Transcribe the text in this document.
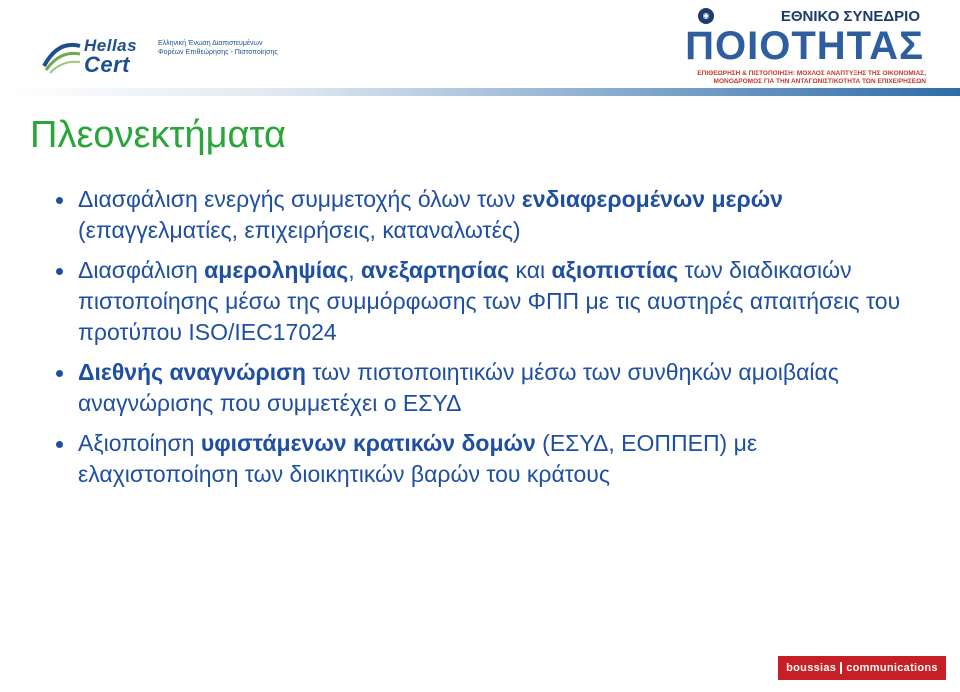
Hellas
Cert
Ελληνική Ένωση Διαπιστευμένων Φορέων Επιθεώρησης - Πιστοποίησης
◉	ΕΘΝΙΚΟ ΣΥΝΕΔΡΙΟ
ΠΟΙΟΤΗΤΑΣ
ΕΠΙΘΕΩΡΗΣΗ & ΠΙΣΤΟΠΟΙΗΣΗ: ΜΟΧΛΟΣ ΑΝΑΠΤΥΞΗΣ ΤΗΣ ΟΙΚΟΝΟΜΙΑΣ,
ΜΟΝΟΔΡΟΜΟΣ ΓΙΑ ΤΗΝ ΑΝΤΑΓΩΝΙΣΤΙΚΟΤΗΤΑ ΤΩΝ ΕΠΙΧΕΙΡΗΣΕΩΝ
Πλεονεκτήματα
Διασφάλιση ενεργής συμμετοχής όλων των ενδιαφερομένων μερών (επαγγελματίες, επιχειρήσεις, καταναλωτές)
Διασφάλιση αμεροληψίας, ανεξαρτησίας και αξιοπιστίας των διαδικασιών πιστοποίησης μέσω της συμμόρφωσης των ΦΠΠ με τις αυστηρές απαιτήσεις του προτύπου ISO/IEC17024
Διεθνής αναγνώριση των πιστοποιητικών μέσω των συνθηκών αμοιβαίας αναγνώρισης που συμμετέχει ο ΕΣΥΔ
Αξιοποίηση υφιστάμενων κρατικών δομών (ΕΣΥΔ, ΕΟΠΠΕΠ) με ελαχιστοποίηση των διοικητικών βαρών του κράτους
boussias communications
